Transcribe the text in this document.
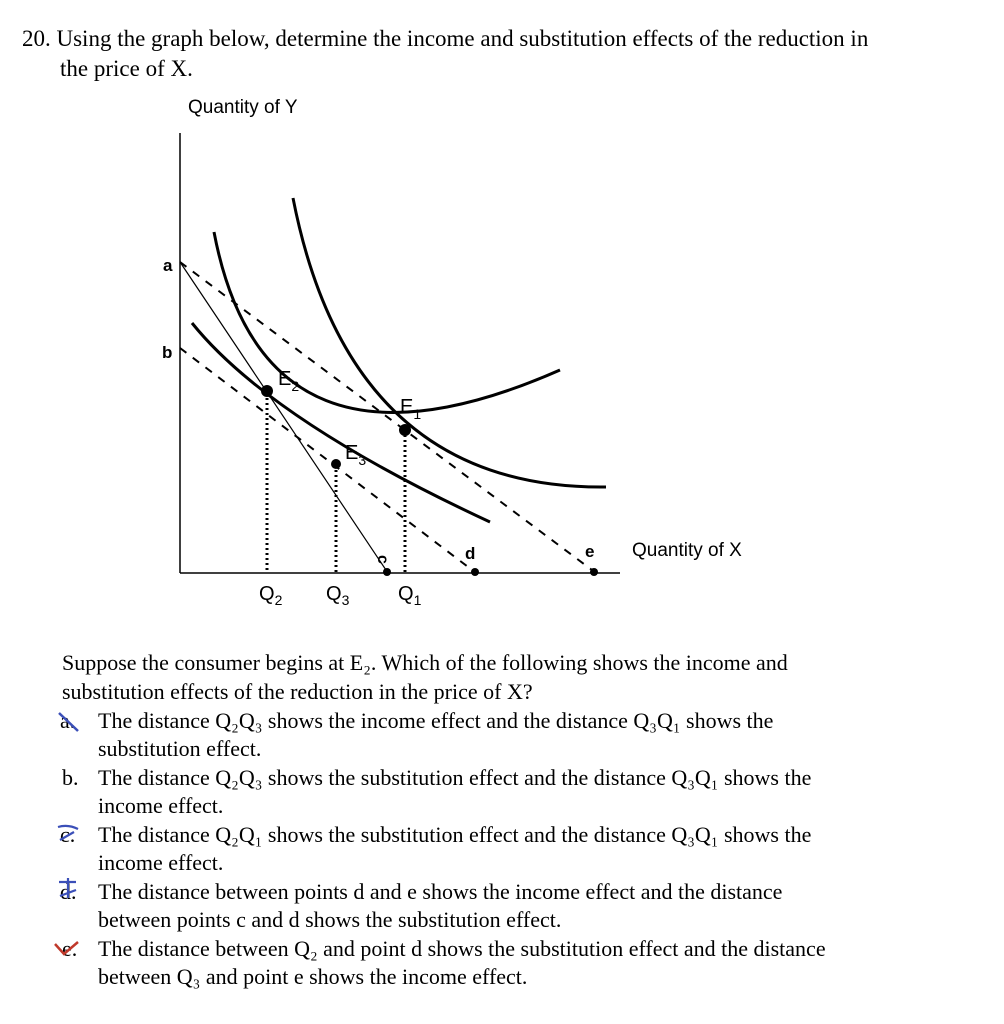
20. Using the graph below, determine the income and substitution effects of the reduction in
the price of X.
Quantity of Y
Quantity of X
a
b
c	d	e
$E_2$
$E_1$
$E_3$
$Q_2$ $Q_3$ $Q_1$
Suppose the consumer begins at E₂. Which of the following shows the income and
substitution effects of the reduction in the price of X?
a. The distance Q₂Q₃ shows the income effect and the distance Q₃Q₁ shows the
substitution effect.
b. The distance Q₂Q₃ shows the substitution effect and the distance Q₃Q₁ shows the
income effect.
c. The distance Q₂Q₁ shows the substitution effect and the distance Q₃Q₁ shows the
income effect.
d. The distance between points d and e shows the income effect and the distance
between points c and d shows the substitution effect.
e. The distance between Q₂ and point d shows the substitution effect and the distance
between Q₃ and point e shows the income effect.
